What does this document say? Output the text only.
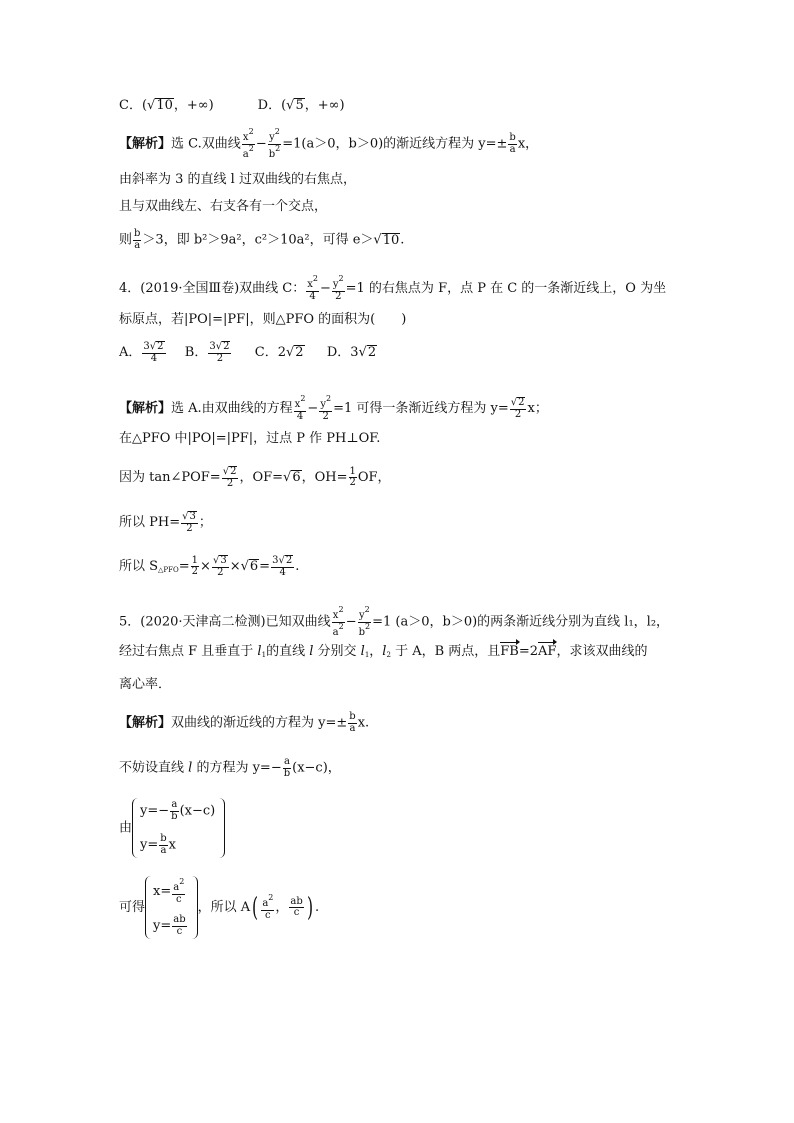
C．(√10，+∞)	D．(√5，+∞)
【解析】选 C.双曲线 $\frac{x^2}{a^2} - \frac{y^2}{b^2} =1(a>0$，b＞0)的渐近线方程为 $y=\pm \frac{b}{a}$ x，
由斜率为 3 的直线 l 过双曲线的右焦点，
且与双曲线左、右支各有一个交点，
则 $\frac{b}{a} >3$，即 b²＞9a²，c²＞10a²，可得 e＞√10.
4．(2019·全国Ⅲ卷)双曲线 C： $\frac{x^2}{4} - \frac{y^2}{2} =1$ 的右焦点为 F，点 P 在 C 的一条渐近线上，O 为坐
标原点，若|PO|=|PF|，则△PFO 的面积为(　　)
A． $\frac{3√2}{4}$ B． $\frac{3√2}{2}$ C．2√2 D．3√2
【解析】选 A.由双曲线的方程 $\frac{x^2}{4} - \frac{y^2}{2} =1$ 可得一条渐近线方程为 $y= \frac{√2}{2}$ x；
在△PFO 中|PO|=|PF|，过点 P 作 PH⊥OF.
因为 tan∠POF= $\frac{√2}{2}$ ，OF=√6，$OH= \frac{1}{2}$ OF，
所以 $PH= \frac{√3}{2}$ ；
所以 $S_{\triangle PFO}= \frac{1}{2} \times \frac{√3}{2} \times√6= \frac{3√2}{4}$ .
5．(2020·天津高二检测)已知双曲线 $\frac{x^2}{a^2} - \frac{y^2}{b^2} =1$ (a＞0，b＞0)的两条渐近线分别为直线 l₁，l₂，
经过右焦点 F 且垂直于 $l_1$的直线 l 分别交 $l_1$，$l_2$ 于 A，B 两点，且FB=2AF，求该双曲线的
离心率．
【解析】双曲线的渐近线的方程为 $y=\pm \frac{b}{a} x$.
不妨设直线 l 的方程为 $y=- \frac{a}{b} (x-c)$，
由
$y=- \frac{a}{b} (x-c)$
$y= \frac{b}{a}$ x
可得
$x= \frac{a^2}{c}$
$y= \frac{ab}{c}$
，所以 $A( \frac{a^2}{c}$ ， $\frac{ab}{c}$ ) .
